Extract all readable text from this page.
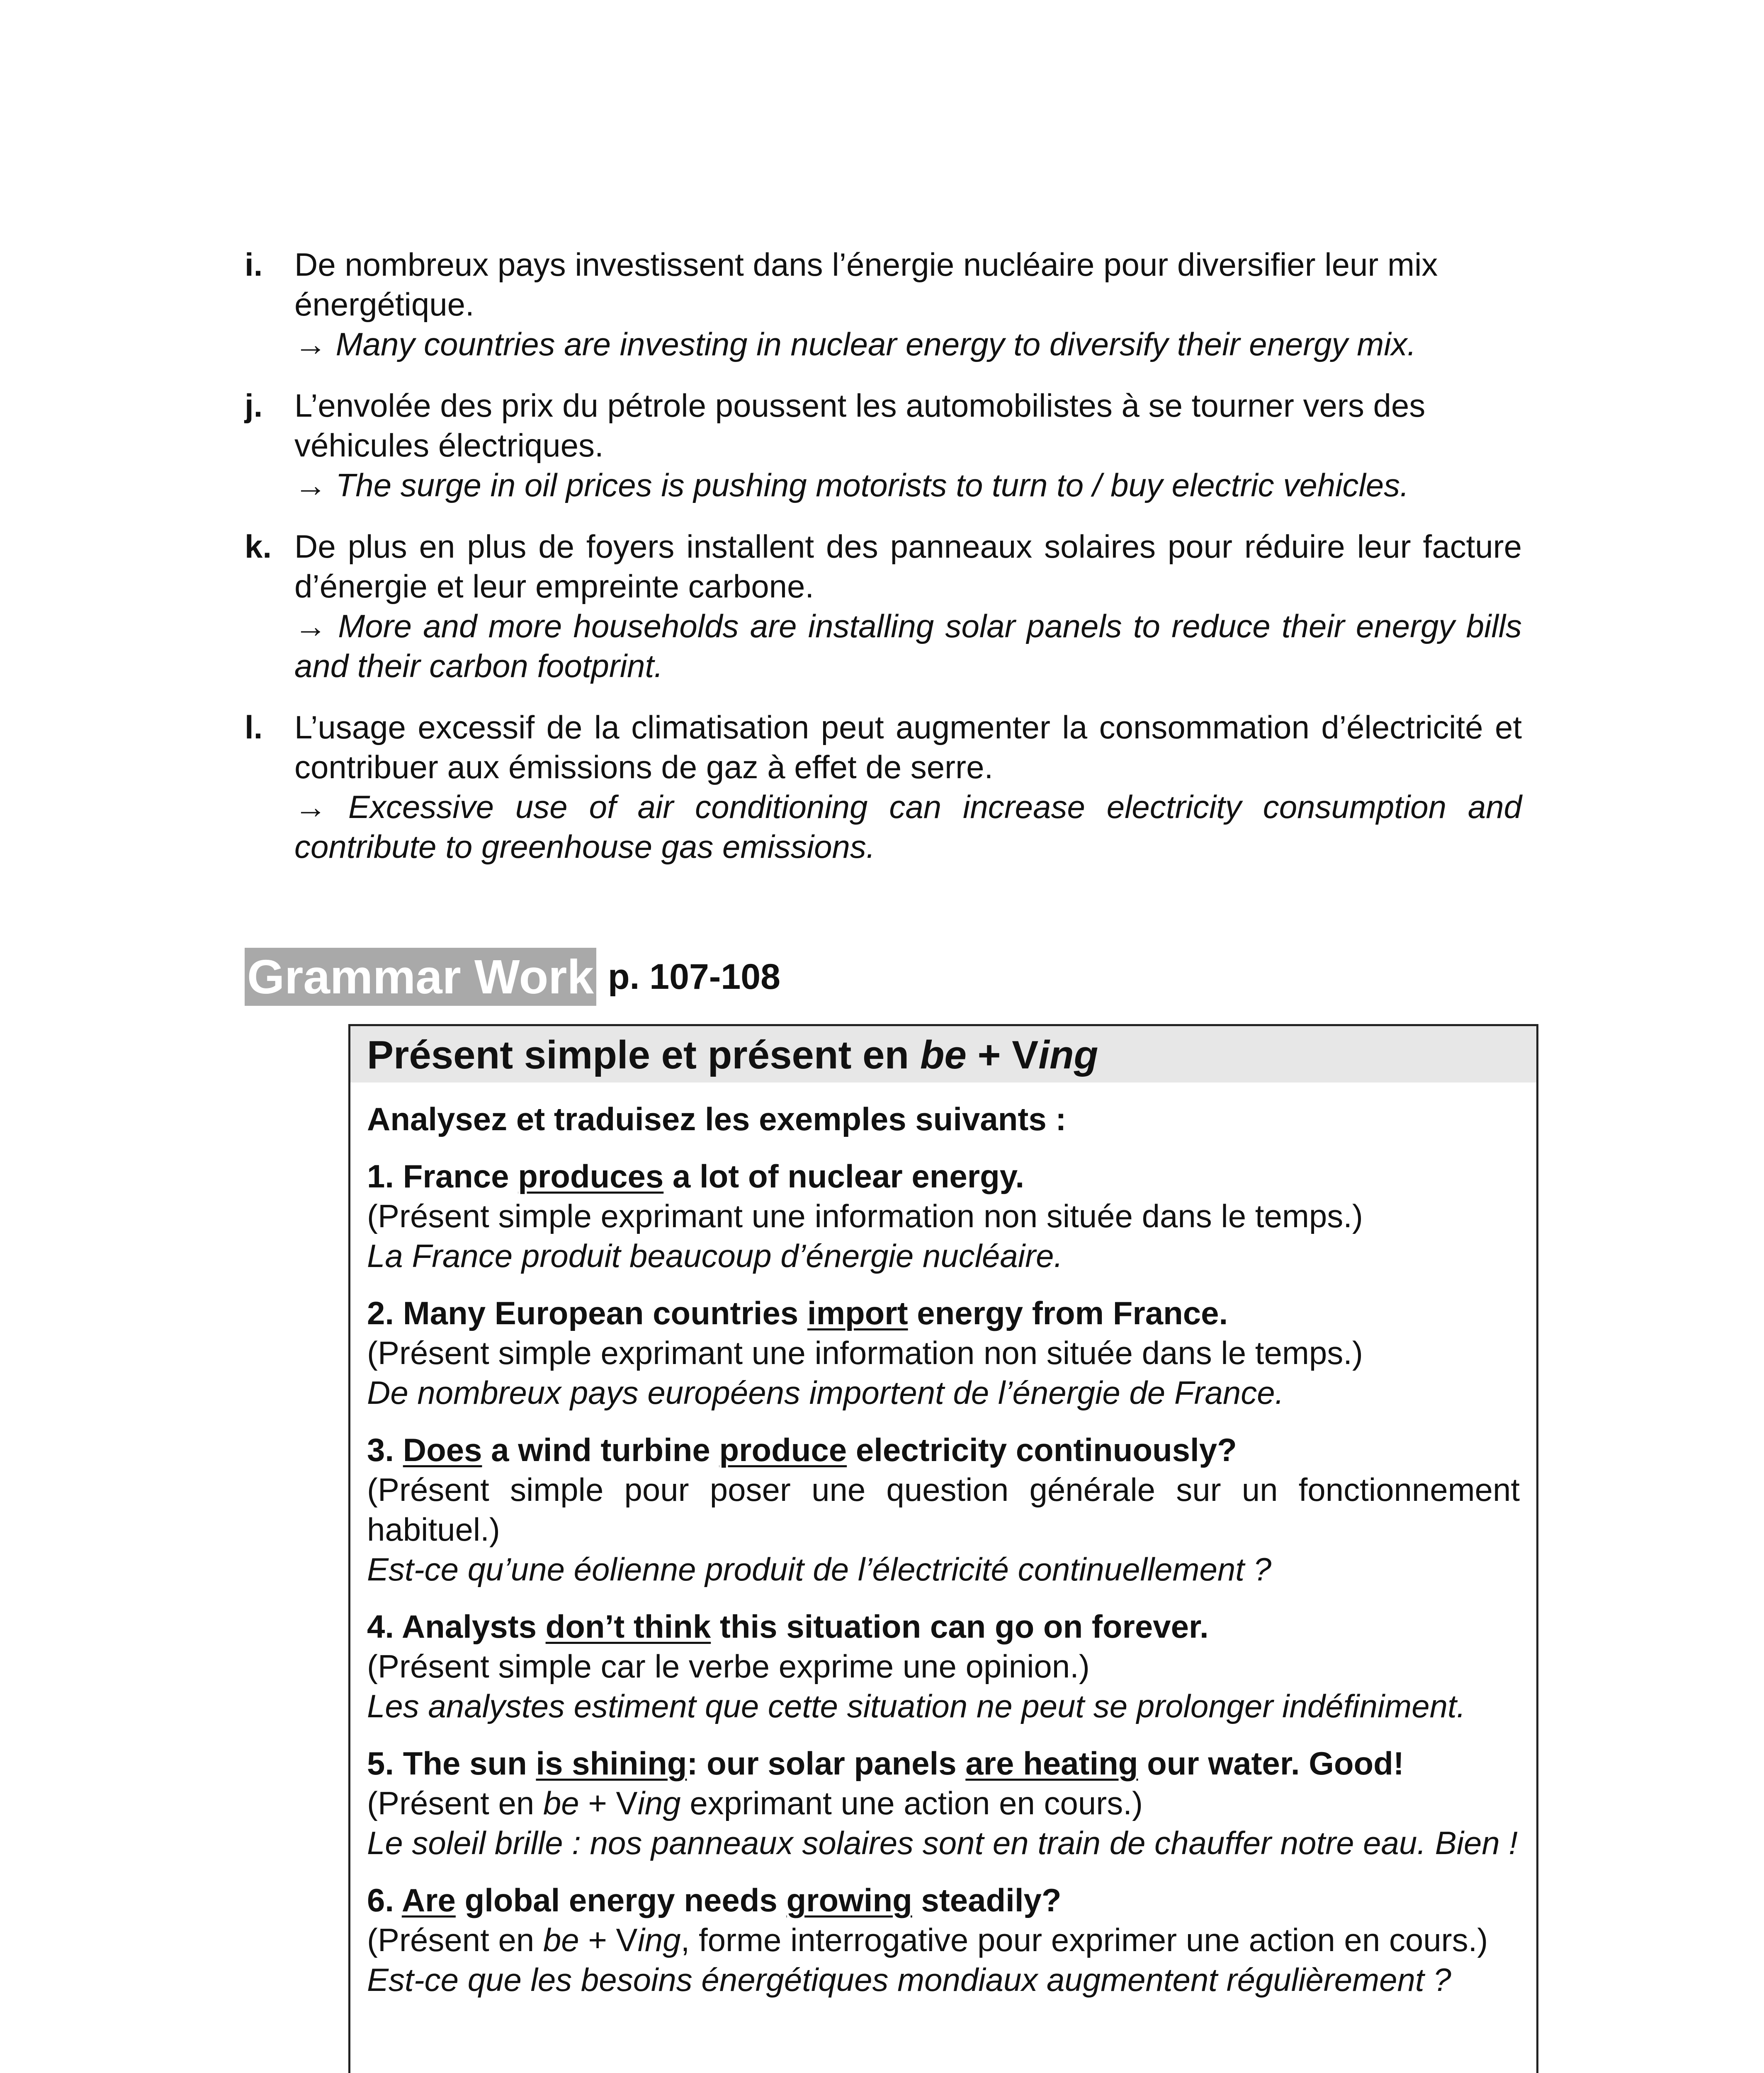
i. De nombreux pays investissent dans l’énergie nucléaire pour diversifier leur mix énergétique.
→ Many countries are investing in nuclear energy to diversify their energy mix.
j. L’envolée des prix du pétrole poussent les automobilistes à se tourner vers des véhicules électriques.
→ The surge in oil prices is pushing motorists to turn to / buy electric vehicles.
k. De plus en plus de foyers installent des panneaux solaires pour réduire leur facture d’énergie et leur empreinte carbone.
→ More and more households are installing solar panels to reduce their energy bills and their carbon footprint.
l. L’usage excessif de la climatisation peut augmenter la consommation d’électricité et contribuer aux émissions de gaz à effet de serre.
→ Excessive use of air conditioning can increase electricity consumption and contribute to greenhouse gas emissions.
Grammar Work p. 107-108
Présent simple et présent en be + Ving
Analysez et traduisez les exemples suivants :
1. France produces a lot of nuclear energy.
(Présent simple exprimant une information non située dans le temps.)
La France produit beaucoup d’énergie nucléaire.
2. Many European countries import energy from France.
(Présent simple exprimant une information non située dans le temps.)
De nombreux pays européens importent de l’énergie de France.
3. Does a wind turbine produce electricity continuously?
(Présent simple pour poser une question générale sur un fonctionnement habituel.)
Est-ce qu’une éolienne produit de l’électricité continuellement ?
4. Analysts don’t think this situation can go on forever.
(Présent simple car le verbe exprime une opinion.)
Les analystes estiment que cette situation ne peut se prolonger indéfiniment.
5. The sun is shining: our solar panels are heating our water. Good!
(Présent en be + Ving exprimant une action en cours.)
Le soleil brille : nos panneaux solaires sont en train de chauffer notre eau. Bien !
6. Are global energy needs growing steadily?
(Présent en be + Ving, forme interrogative pour exprimer une action en cours.)
Est-ce que les besoins énergétiques mondiaux augmentent régulièrement ?
